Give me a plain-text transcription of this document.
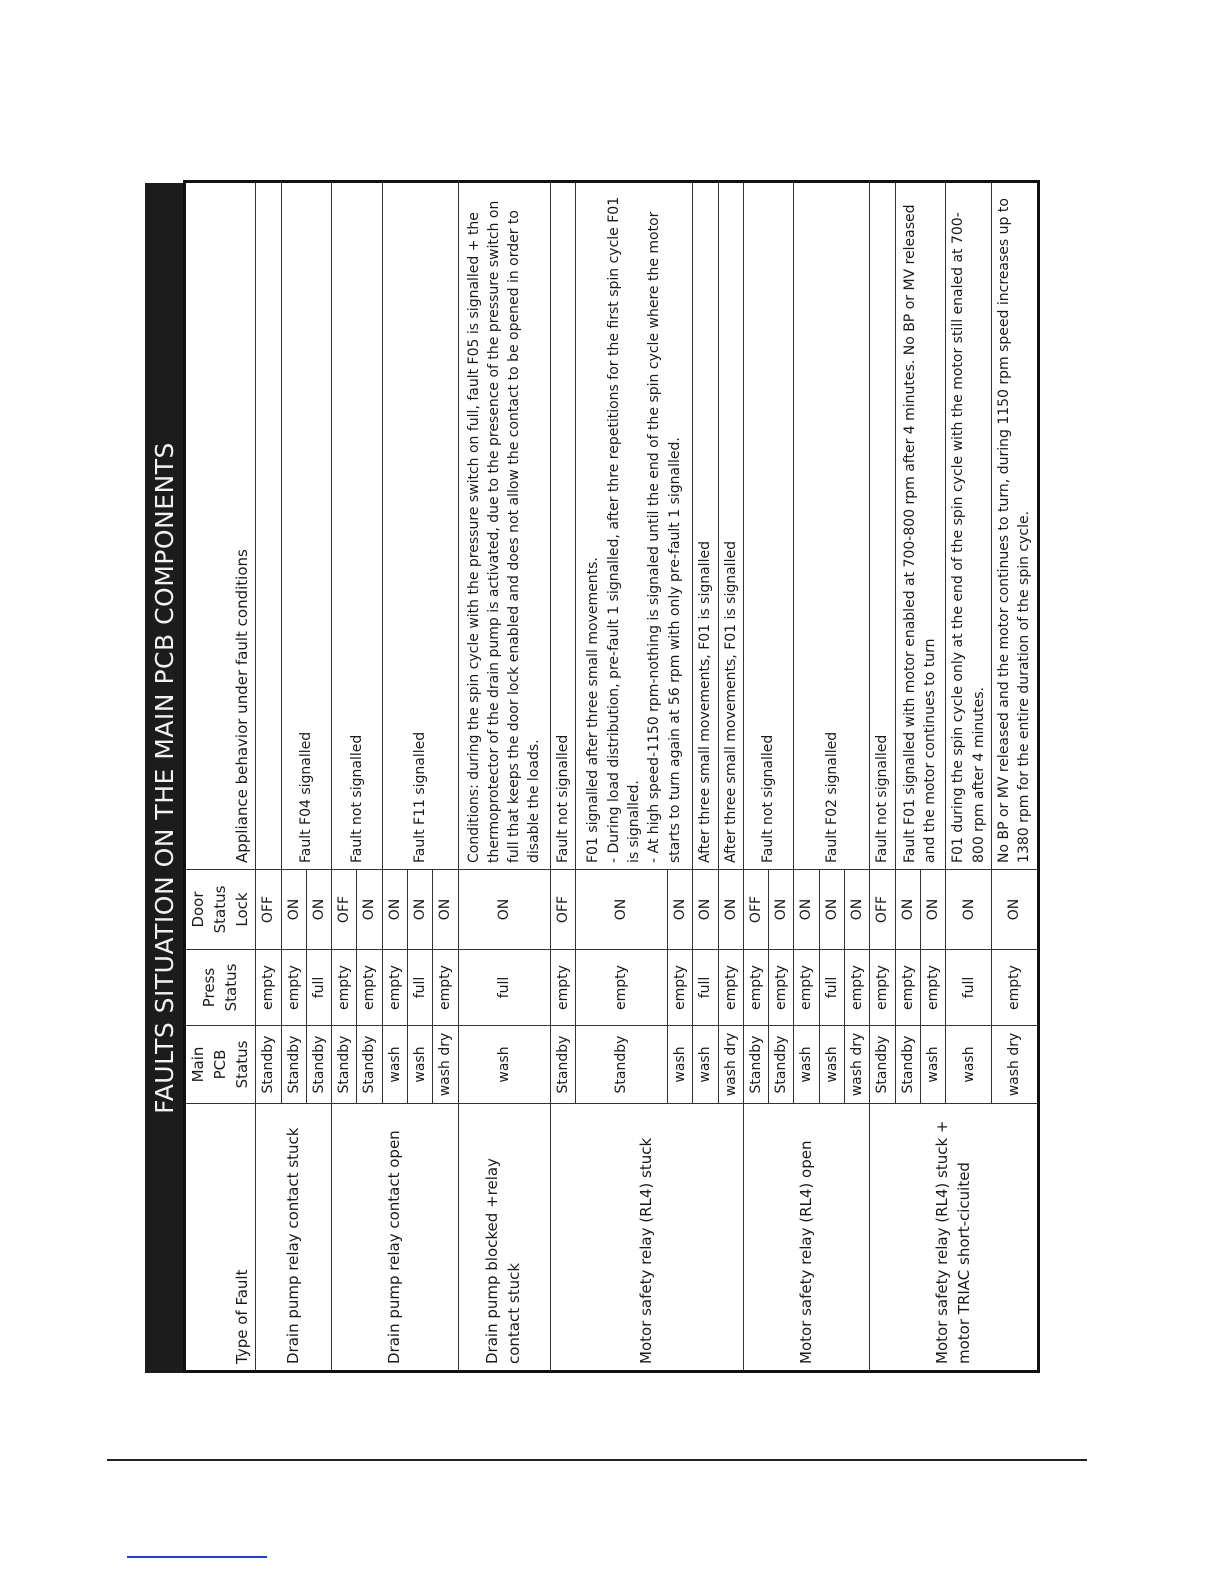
FAULTS SITUATION ON THE MAIN PCB COMPONENTS
Type of Fault	Main PCB Status	Press Status	Door Status Lock	Appliance behavior under fault conditions
Drain pump relay contact stuck	Standby	empty	OFF	
	Standby	empty	ON	Fault F04 signalled
	Standby	full	ON	
Drain pump relay contact open	Standby	empty	OFF	Fault not signalled
	Standby	empty	ON	
	wash	empty	ON	Fault F11 signalled
	wash	full	ON	
	wash dry	empty	ON	
Drain pump blocked +relay contact stuck	wash	full	ON	Conditions: during the spin cycle with the pressure switch on full, fault F05 is signalled + the thermoprotector of the drain pump is activated, due to the presence of the pressure switch on full that keeps the door lock enabled and does not allow the contact to be opened in order to disable the loads.
Motor safety relay (RL4) stuck	Standby	empty	OFF	Fault not signalled
	Standby	empty	ON	F01 signalled after three small movements. - During load distribution, pre-fault 1 signalled, after thre repetitions for the first spin cycle F01 is signalled. - At high speed-1150 rpm-nothing is signaled until the end of the spin cycle where the motor starts to turn again at 56 rpm with only pre-fault 1 signalled.

	wash	empty	ON	
	wash	full	ON	After three small movements, F01 is signalled
	wash dry	empty	ON	After three small movements, F01 is signalled
Motor safety relay (RL4) open	Standby	empty	OFF	Fault not signalled
	Standby	empty	ON	
	wash	empty	ON	Fault F02 signalled
	wash	full	ON	
	wash dry	empty	ON	
Motor safety relay (RL4) stuck + motor TRIAC short-cicuited	Standby	empty	OFF	Fault not signalled
	Standby	empty	ON	Fault F01 signalled with motor enabled at 700-800 rpm after 4 minutes. No BP or MV released and the motor continues to turn
	wash	empty	ON	
	wash	full	ON	F01 during the spin cycle only at the end of the spin cycle with the motor still enaled at 700-800 rpm after 4 minutes.
	wash dry	empty	ON	No BP or MV released and the motor continues to turn, during 1150 rpm speed increases up to 1380 rpm for the entire duration of the spin cycle.
